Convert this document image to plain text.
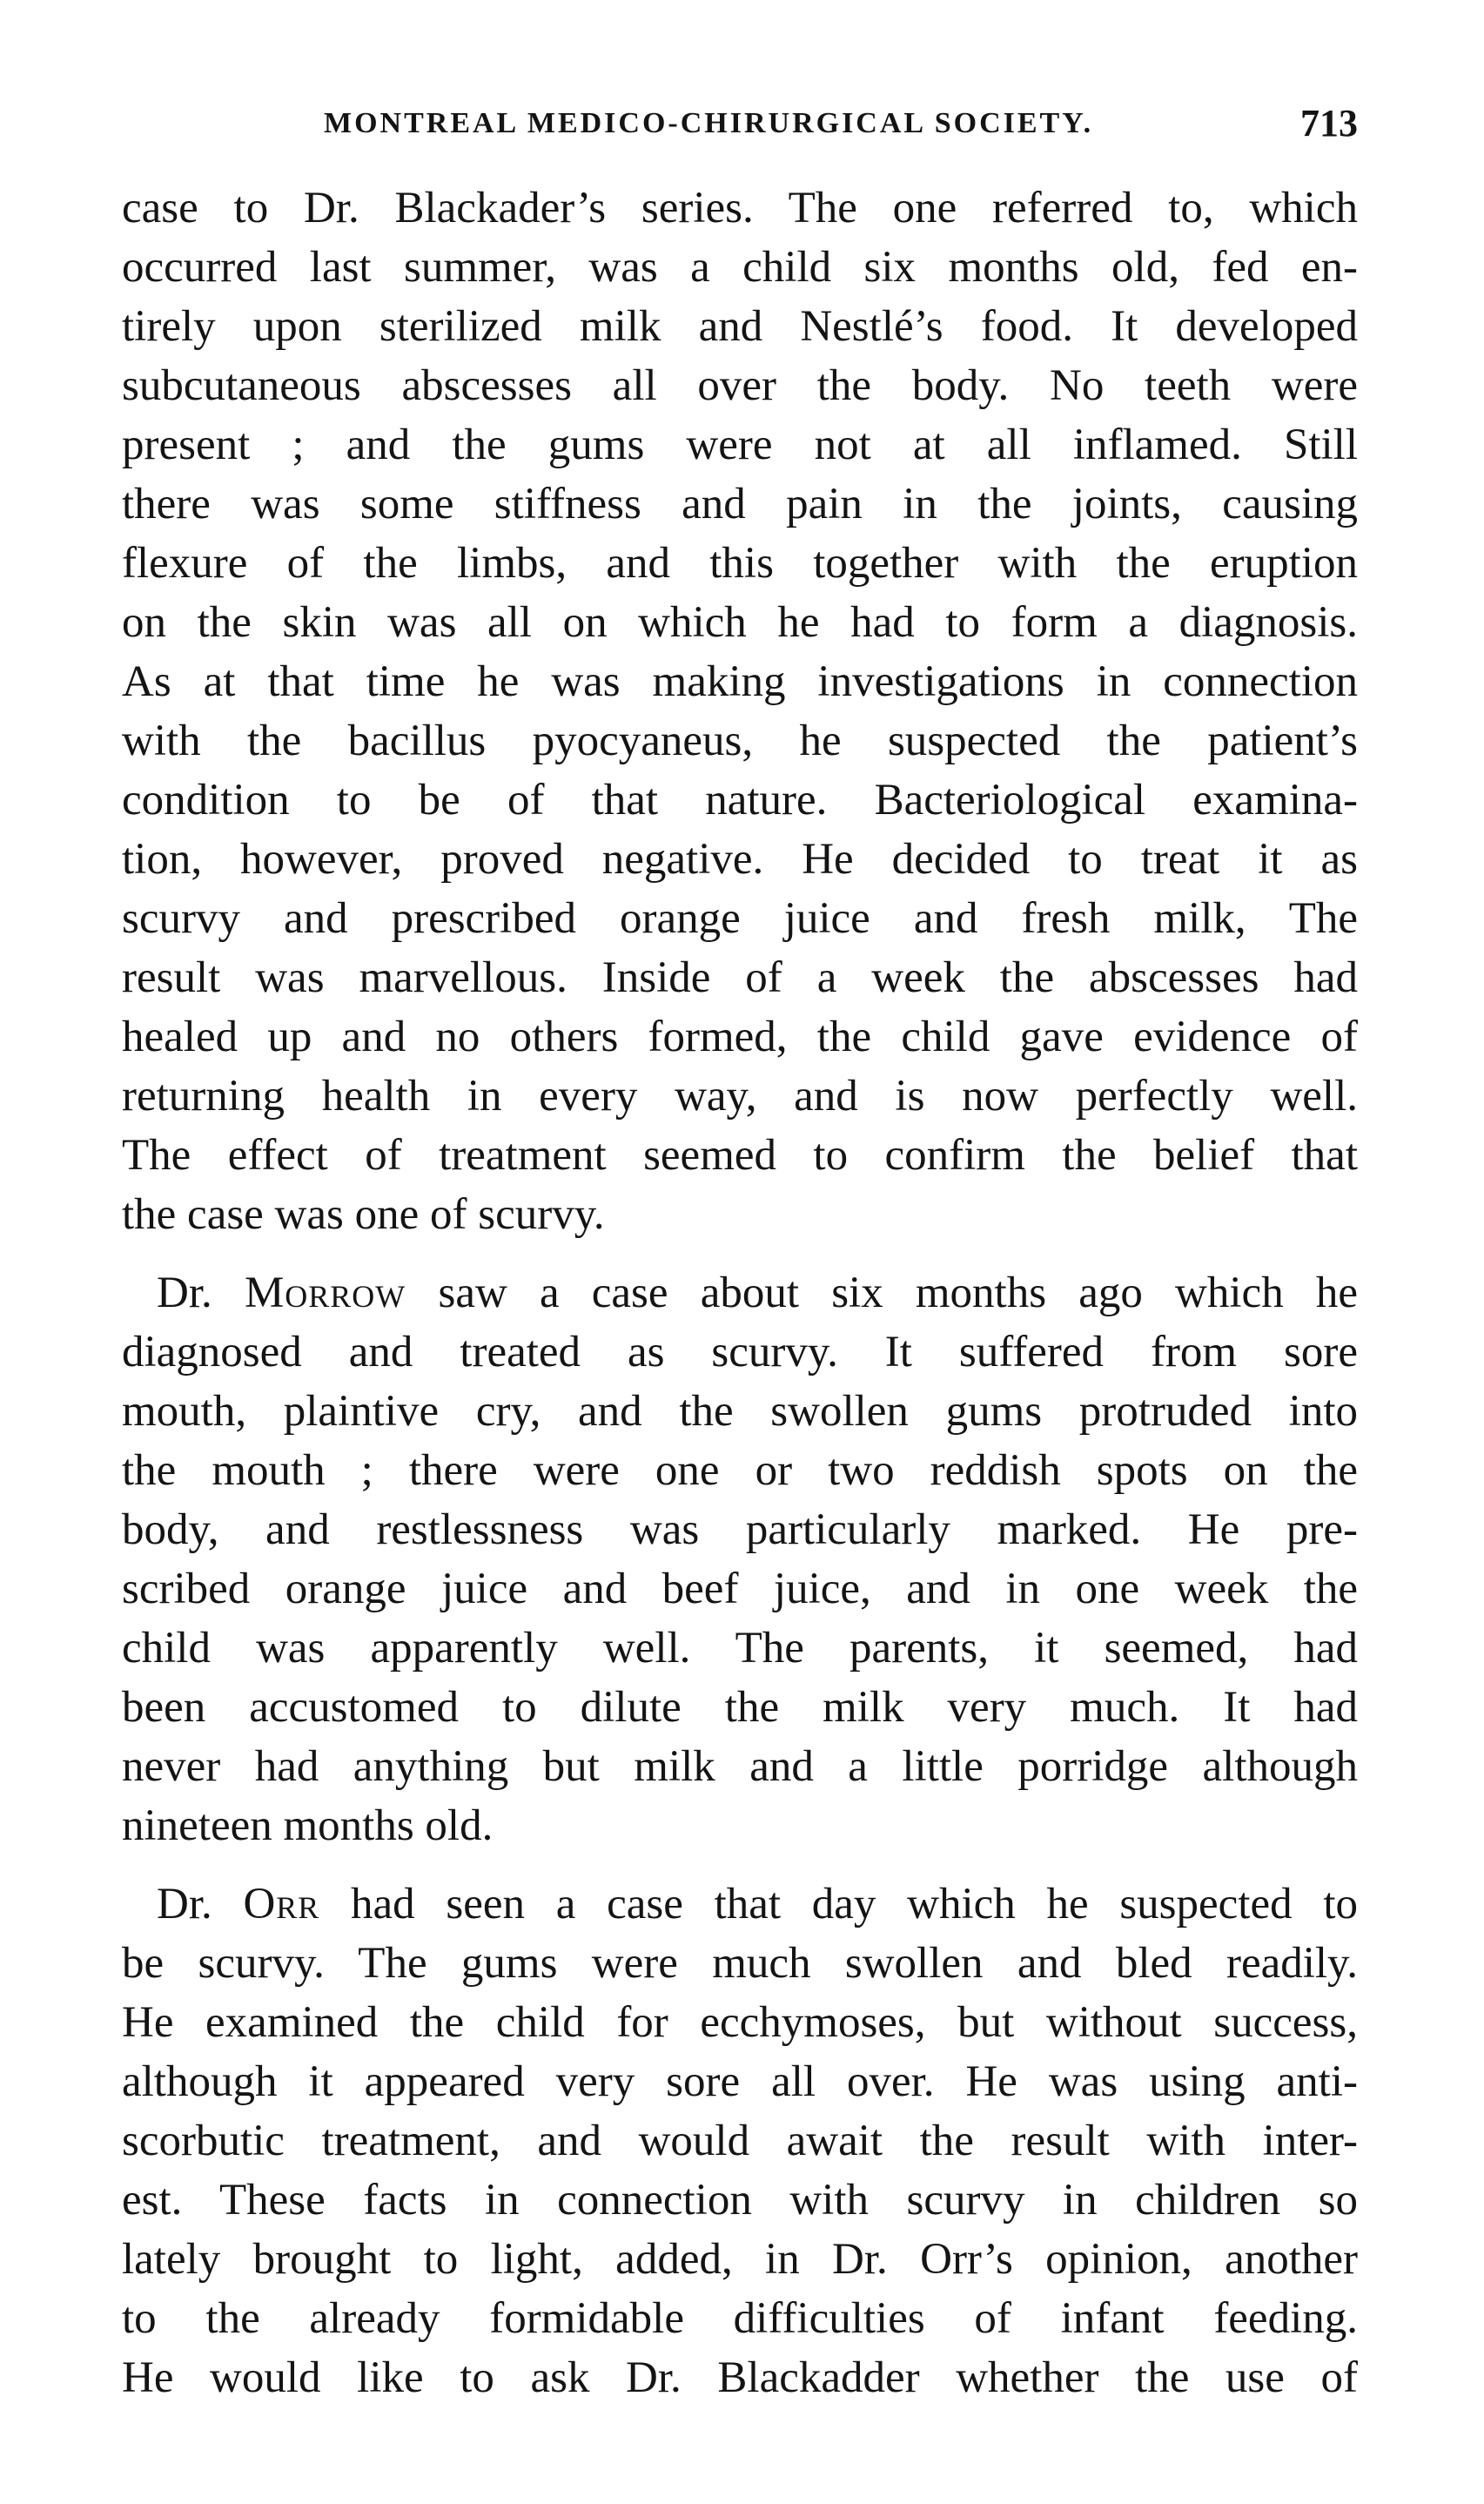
MONTREAL MEDICO-CHIRURGICAL SOCIETY.	713

case to Dr. Blackader’s series. The one referred to, which
occurred last summer, was a child six months old, fed en-
tirely upon sterilized milk and Nestlé’s food. It developed
subcutaneous abscesses all over the body. No teeth were
present ; and the gums were not at all inflamed. Still
there was some stiffness and pain in the joints, causing
flexure of the limbs, and this together with the eruption
on the skin was all on which he had to form a diagnosis.
As at that time he was making investigations in connection
with the bacillus pyocyaneus, he suspected the patient’s
condition to be of that nature. Bacteriological examina-
tion, however, proved negative. He decided to treat it as
scurvy and prescribed orange juice and fresh milk, The
result was marvellous. Inside of a week the abscesses had
healed up and no others formed, the child gave evidence of
returning health in every way, and is now perfectly well.
The effect of treatment seemed to confirm the belief that
the case was one of scurvy.

Dr. Morrow saw a case about six months ago which he
diagnosed and treated as scurvy. It suffered from sore
mouth, plaintive cry, and the swollen gums protruded into
the mouth ; there were one or two reddish spots on the
body, and restlessness was particularly marked. He pre-
scribed orange juice and beef juice, and in one week the
child was apparently well. The parents, it seemed, had
been accustomed to dilute the milk very much. It had
never had anything but milk and a little porridge although
nineteen months old.

Dr. Orr had seen a case that day which he suspected to
be scurvy. The gums were much swollen and bled readily.
He examined the child for ecchymoses, but without success,
although it appeared very sore all over. He was using anti-
scorbutic treatment, and would await the result with inter-
est. These facts in connection with scurvy in children so
lately brought to light, added, in Dr. Orr’s opinion, another
to the already formidable difficulties of infant feeding.
He would like to ask Dr. Blackadder whether the use of
